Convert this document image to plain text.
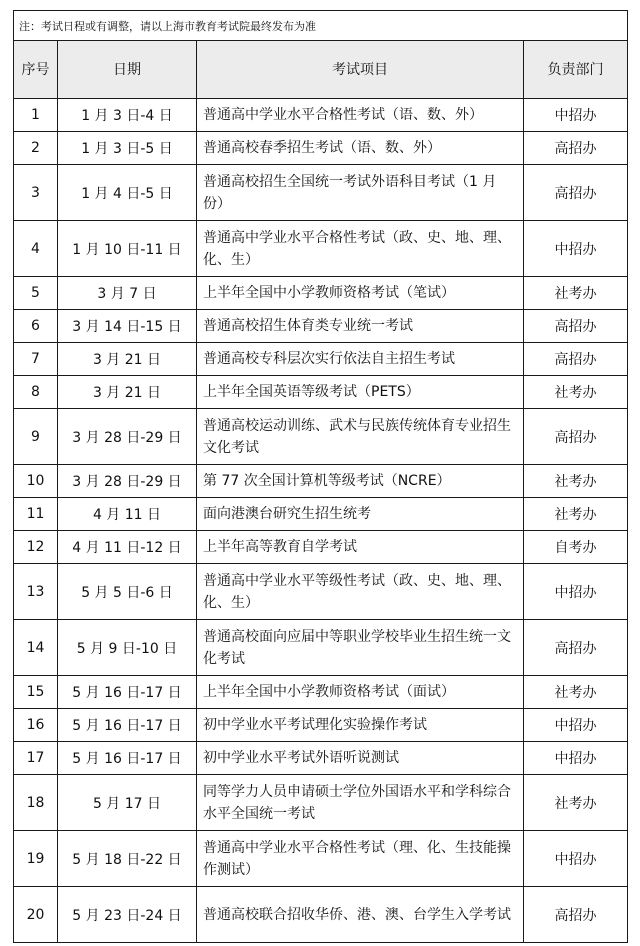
注：考试日程或有调整，请以上海市教育考试院最终发布为准			
序号	日期	考试项目	负责部门
1	1 月 3 日-4 日	普通高中学业水平合格性考试（语、数、外）	中招办
2	1 月 3 日-5 日	普通高校春季招生考试（语、数、外）	高招办
3	1 月 4 日-5 日	普通高校招生全国统一考试外语科目考试（1 月份）	高招办
4	1 月 10 日-11 日	普通高中学业水平合格性考试（政、史、地、理、化、生）	中招办
5	3 月 7 日	上半年全国中小学教师资格考试（笔试）	社考办
6	3 月 14 日-15 日	普通高校招生体育类专业统一考试	高招办
7	3 月 21 日	普通高校专科层次实行依法自主招生考试	高招办
8	3 月 21 日	上半年全国英语等级考试（PETS）	社考办
9	3 月 28 日-29 日	普通高校运动训练、武术与民族传统体育专业招生文化考试	高招办
10	3 月 28 日-29 日	第 77 次全国计算机等级考试（NCRE）	社考办
11	4 月 11 日	面向港澳台研究生招生统考	社考办
12	4 月 11 日-12 日	上半年高等教育自学考试	自考办
13	5 月 5 日-6 日	普通高中学业水平等级性考试（政、史、地、理、化、生）	中招办
14	5 月 9 日-10 日	普通高校面向应届中等职业学校毕业生招生统一文化考试	高招办
15	5 月 16 日-17 日	上半年全国中小学教师资格考试（面试）	社考办
16	5 月 16 日-17 日	初中学业水平考试理化实验操作考试	中招办
17	5 月 16 日-17 日	初中学业水平考试外语听说测试	中招办
18	5 月 17 日	同等学力人员申请硕士学位外国语水平和学科综合水平全国统一考试	社考办
19	5 月 18 日-22 日	普通高中学业水平合格性考试（理、化、生技能操作测试）	中招办
20	5 月 23 日-24 日	普通高校联合招收华侨、港、澳、台学生入学考试	高招办
